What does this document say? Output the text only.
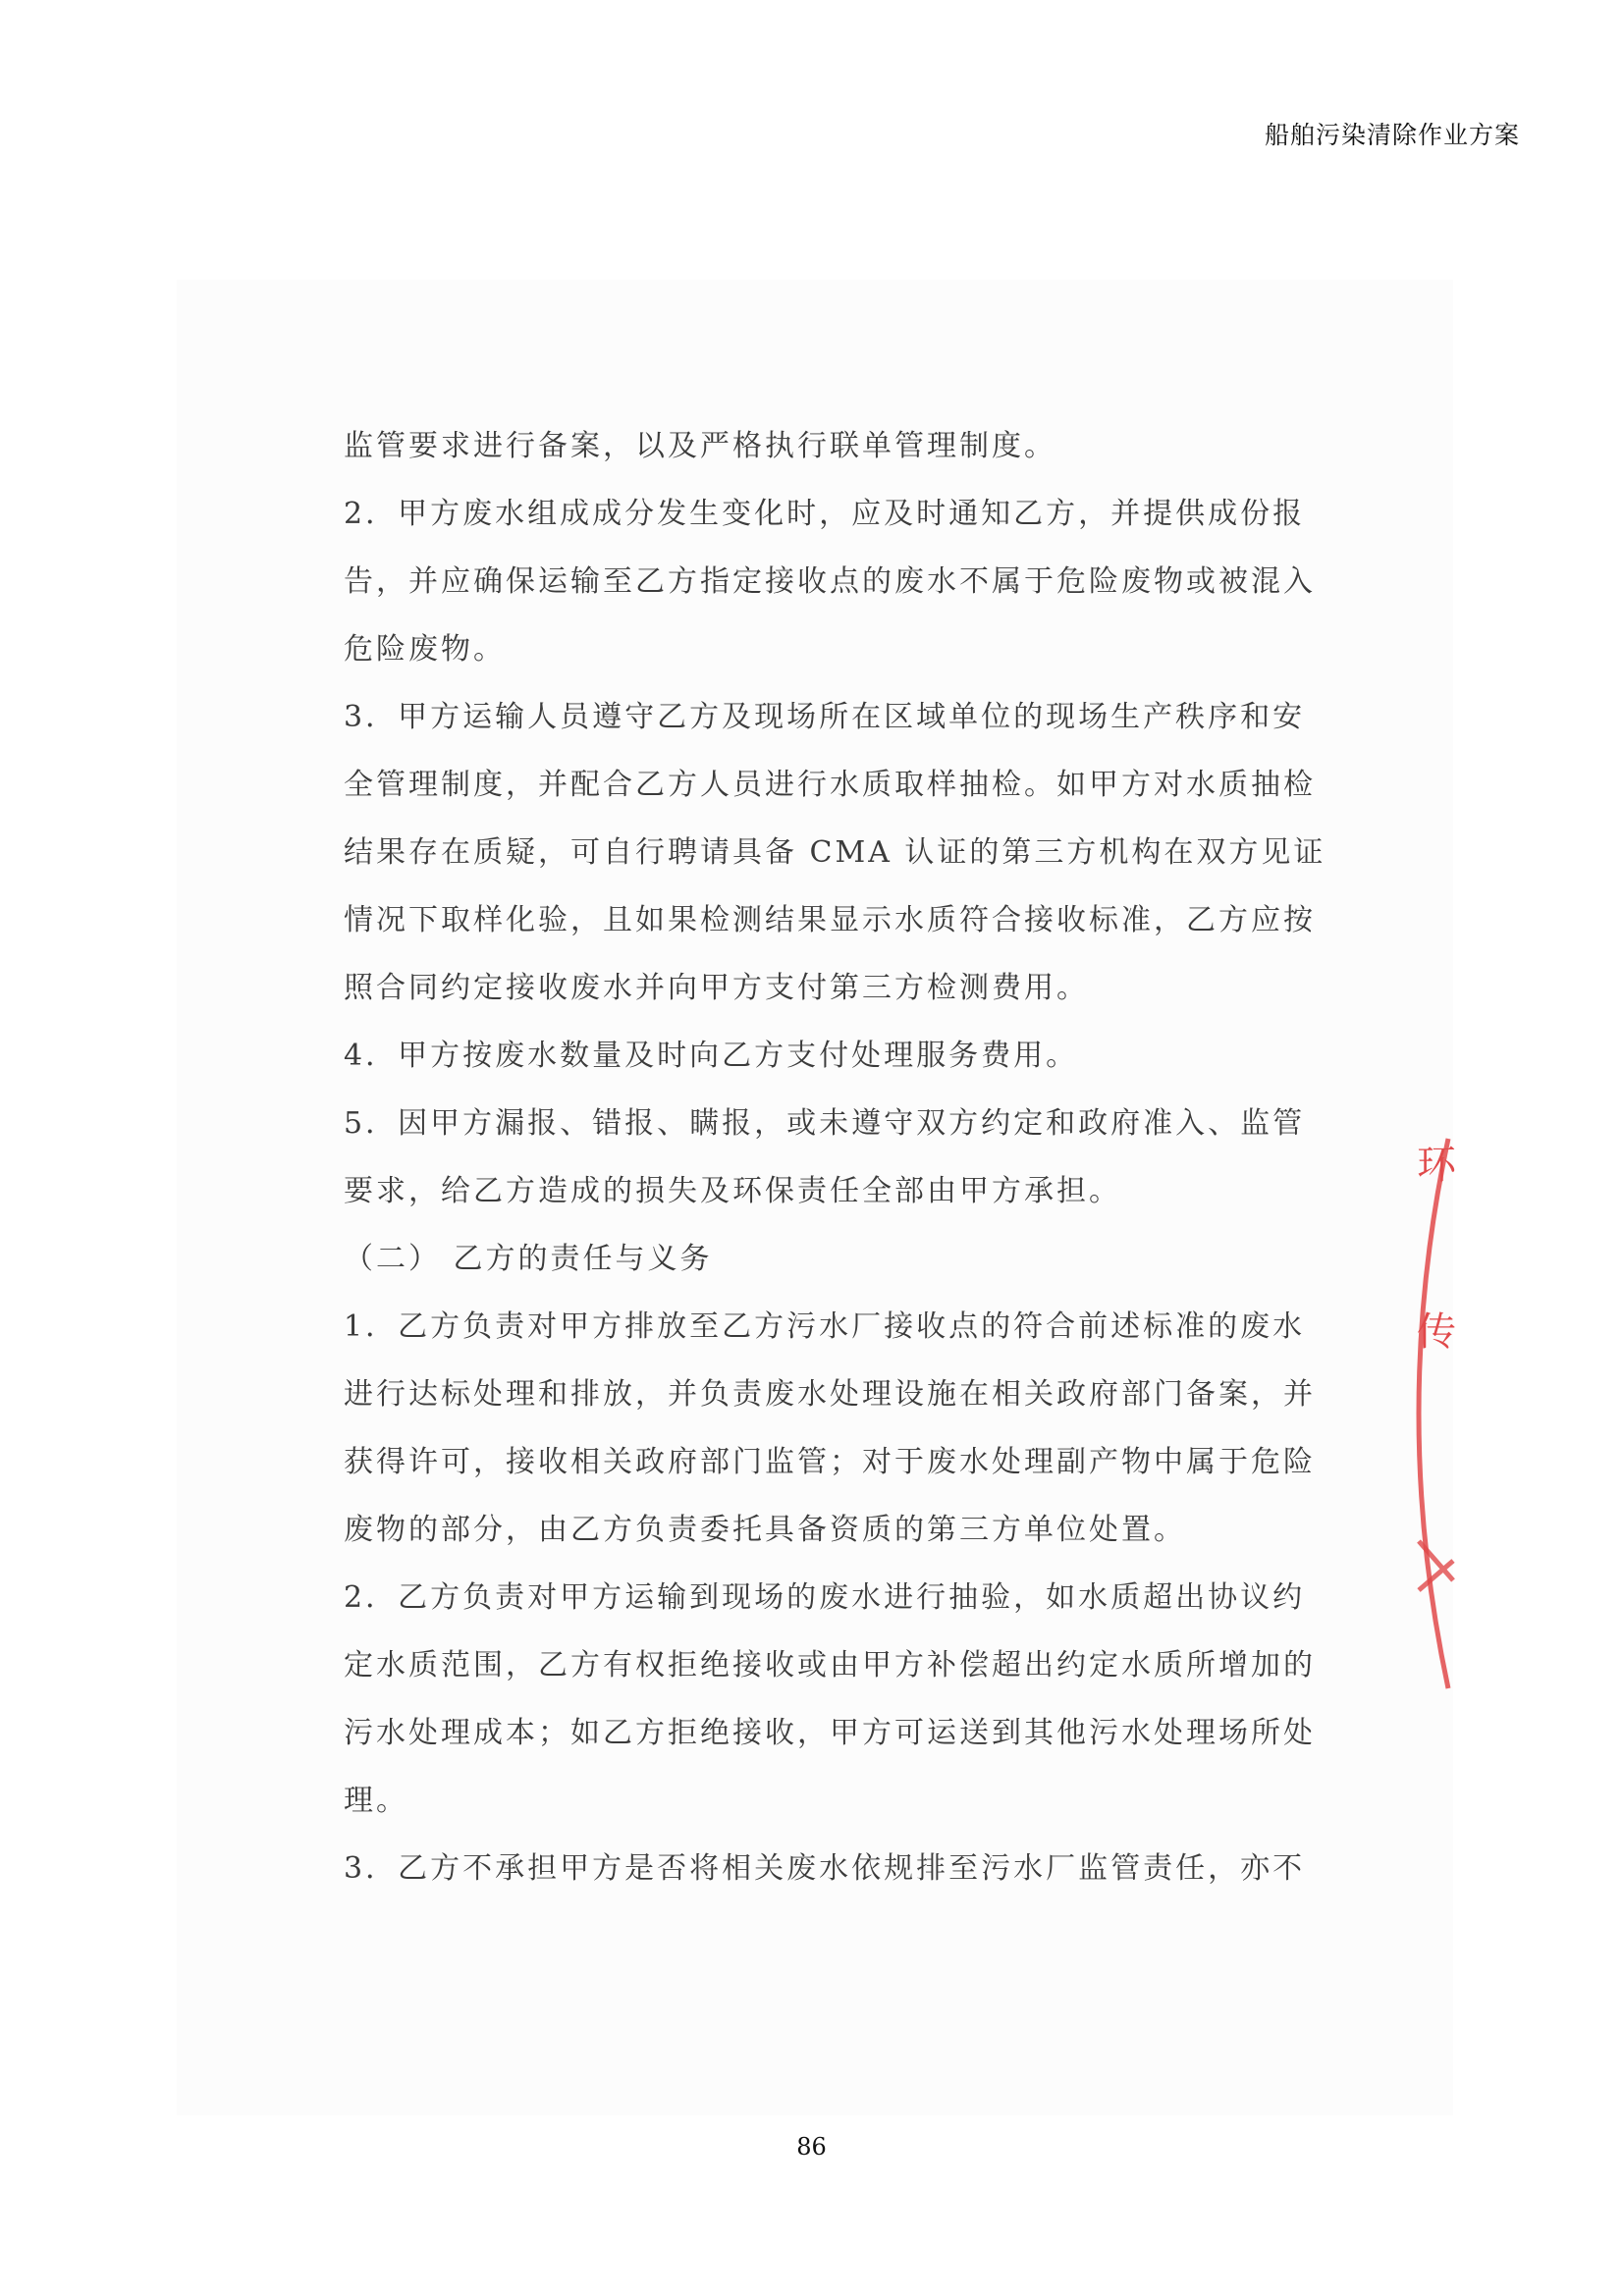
船舶污染清除作业方案

监管要求进行备案，以及严格执行联单管理制度。

2．甲方废水组成成分发生变化时，应及时通知乙方，并提供成份报

告，并应确保运输至乙方指定接收点的废水不属于危险废物或被混入

危险废物。

3．甲方运输人员遵守乙方及现场所在区域单位的现场生产秩序和安

全管理制度，并配合乙方人员进行水质取样抽检。如甲方对水质抽检

结果存在质疑，可自行聘请具备 CMA 认证的第三方机构在双方见证

情况下取样化验，且如果检测结果显示水质符合接收标准，乙方应按

照合同约定接收废水并向甲方支付第三方检测费用。

4．甲方按废水数量及时向乙方支付处理服务费用。

5．因甲方漏报、错报、瞒报，或未遵守双方约定和政府准入、监管

要求，给乙方造成的损失及环保责任全部由甲方承担。

（二） 乙方的责任与义务

1．乙方负责对甲方排放至乙方污水厂接收点的符合前述标准的废水

进行达标处理和排放，并负责废水处理设施在相关政府部门备案，并

获得许可，接收相关政府部门监管；对于废水处理副产物中属于危险

废物的部分，由乙方负责委托具备资质的第三方单位处置。

2．乙方负责对甲方运输到现场的废水进行抽验，如水质超出协议约

定水质范围，乙方有权拒绝接收或由甲方补偿超出约定水质所增加的

污水处理成本；如乙方拒绝接收，甲方可运送到其他污水处理场所处

理。

3．乙方不承担甲方是否将相关废水依规排至污水厂监管责任，亦不

环
传
86
